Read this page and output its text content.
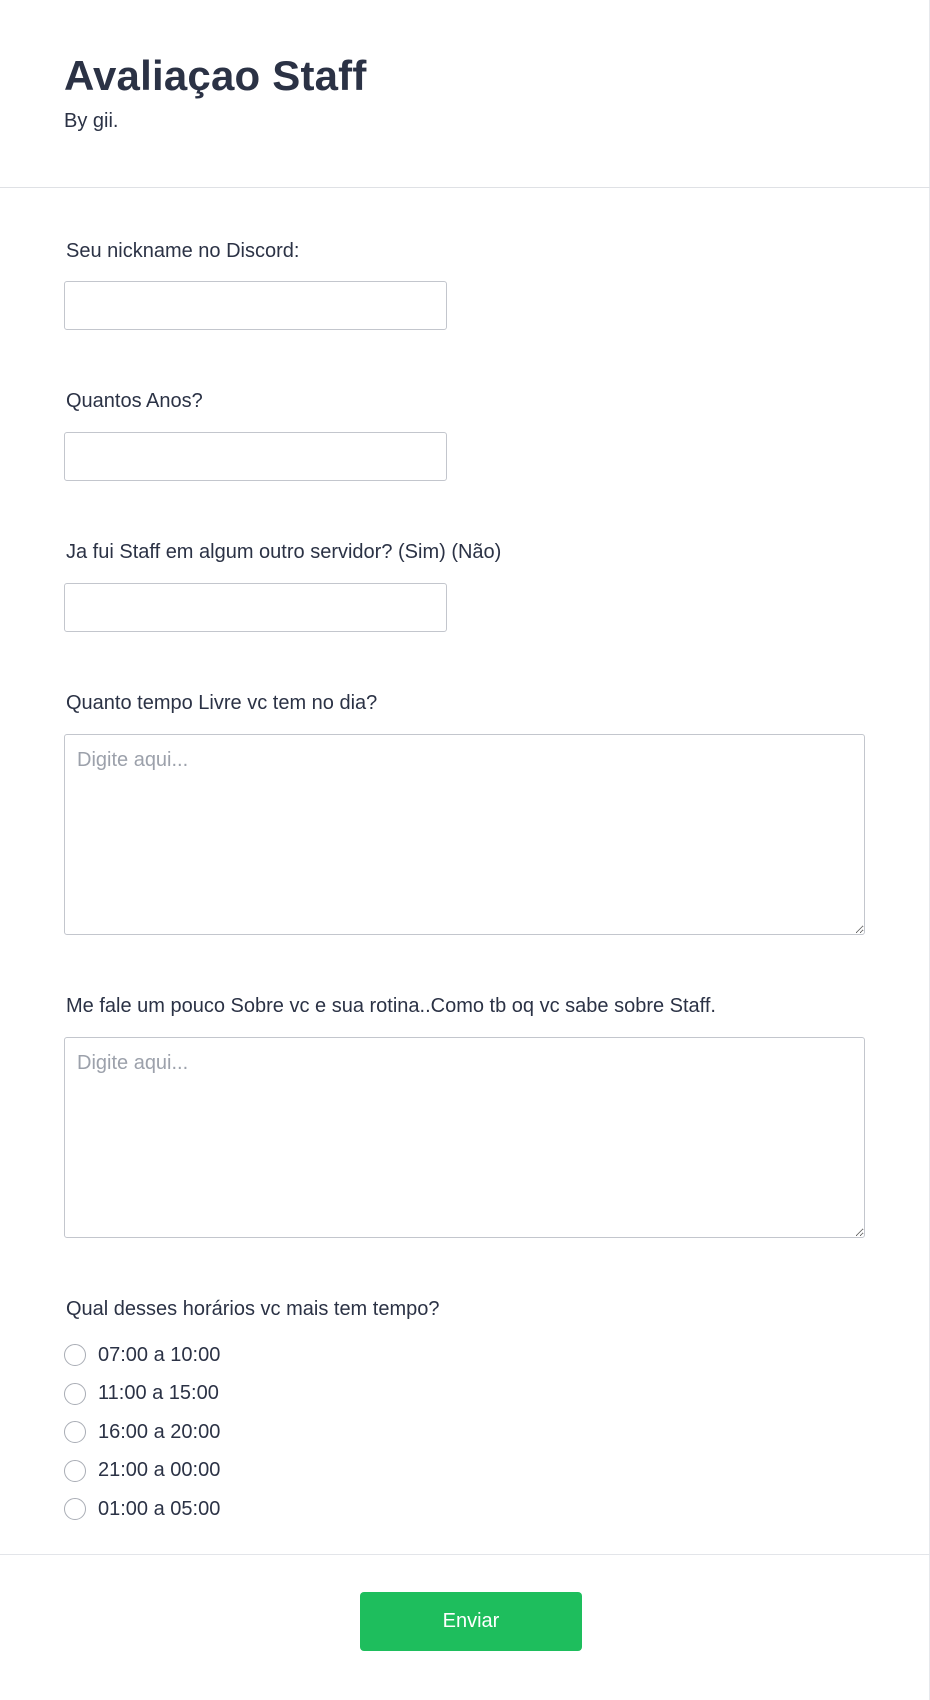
Avaliaçao Staff

By gii.

Seu nickname no Discord:

Quantos Anos?

Ja fui Staff em algum outro servidor? (Sim) (Não)

Quanto tempo Livre vc tem no dia?

Digite aqui...

Me fale um pouco Sobre vc e sua rotina..Como tb oq vc sabe sobre Staff.

Digite aqui...

Qual desses horários vc mais tem tempo?

07:00 a 10:00
11:00 a 15:00
16:00 a 20:00
21:00 a 00:00
01:00 a 05:00
Enviar
